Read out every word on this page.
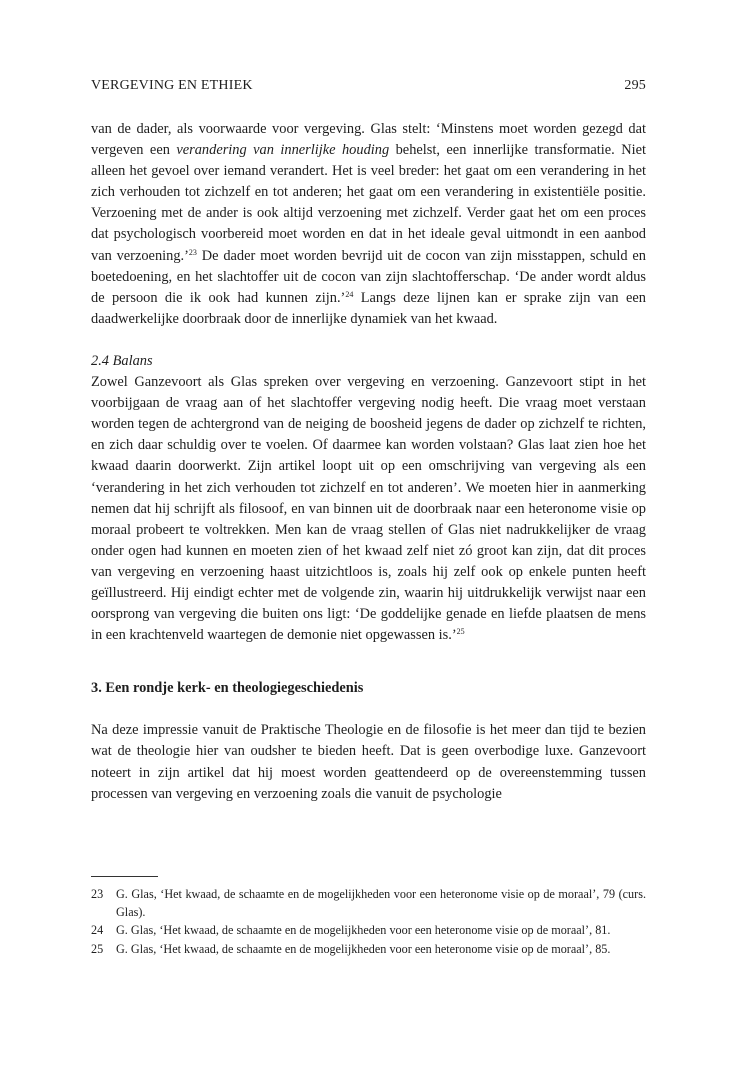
VERGEVING EN ETHIEK	295

van de dader, als voorwaarde voor vergeving. Glas stelt: ‘Minstens moet worden gezegd dat vergeven een verandering van innerlijke houding behelst, een innerlijke transformatie. Niet alleen het gevoel over iemand verandert. Het is veel breder: het gaat om een verandering in het zich verhouden tot zichzelf en tot anderen; het gaat om een verandering in existentiële positie. Verzoening met de ander is ook altijd verzoening met zichzelf. Verder gaat het om een proces dat psychologisch voorbereid moet worden en dat in het ideale geval uitmondt in een aanbod van verzoening.’$^{23}$ De dader moet worden bevrijd uit de cocon van zijn misstappen, schuld en boetedoening, en het slachtoffer uit de cocon van zijn slachtofferschap. ‘De ander wordt aldus de persoon die ik ook had kunnen zijn.’$^{24}$ Langs deze lijnen kan er sprake zijn van een daadwerkelijke doorbraak door de innerlijke dynamiek van het kwaad.

2.4 Balans

Zowel Ganzevoort als Glas spreken over vergeving en verzoening. Ganzevoort stipt in het voorbijgaan de vraag aan of het slachtoffer vergeving nodig heeft. Die vraag moet verstaan worden tegen de achtergrond van de neiging de boosheid jegens de dader op zichzelf te richten, en zich daar schuldig over te voelen. Of daarmee kan worden volstaan? Glas laat zien hoe het kwaad daarin doorwerkt. Zijn artikel loopt uit op een omschrijving van vergeving als een ‘verandering in het zich verhouden tot zichzelf en tot anderen’. We moeten hier in aanmerking nemen dat hij schrijft als filosoof, en van binnen uit de doorbraak naar een heteronome visie op moraal probeert te voltrekken. Men kan de vraag stellen of Glas niet nadrukkelijker de vraag onder ogen had kunnen en moeten zien of het kwaad zelf niet zó groot kan zijn, dat dit proces van vergeving en verzoening haast uitzichtloos is, zoals hij zelf ook op enkele punten heeft geïllustreerd. Hij eindigt echter met de volgende zin, waarin hij uitdrukkelijk verwijst naar een oorsprong van vergeving die buiten ons ligt: ‘De goddelijke genade en liefde plaatsen de mens in een krachtenveld waartegen de demonie niet opgewassen is.’$^{25}$

3. Een rondje kerk- en theologiegeschiedenis

Na deze impressie vanuit de Praktische Theologie en de filosofie is het meer dan tijd te bezien wat de theologie hier van oudsher te bieden heeft. Dat is geen overbodige luxe. Ganzevoort noteert in zijn artikel dat hij moest worden geattendeerd op de overeenstemming tussen processen van vergeving en verzoening zoals die vanuit de psychologie

23 G. Glas, ‘Het kwaad, de schaamte en de mogelijkheden voor een heteronome visie op de moraal’, 79 (curs. Glas).
24 G. Glas, ‘Het kwaad, de schaamte en de mogelijkheden voor een heteronome visie op de moraal’, 81.
25 G. Glas, ‘Het kwaad, de schaamte en de mogelijkheden voor een heteronome visie op de moraal’, 85.
